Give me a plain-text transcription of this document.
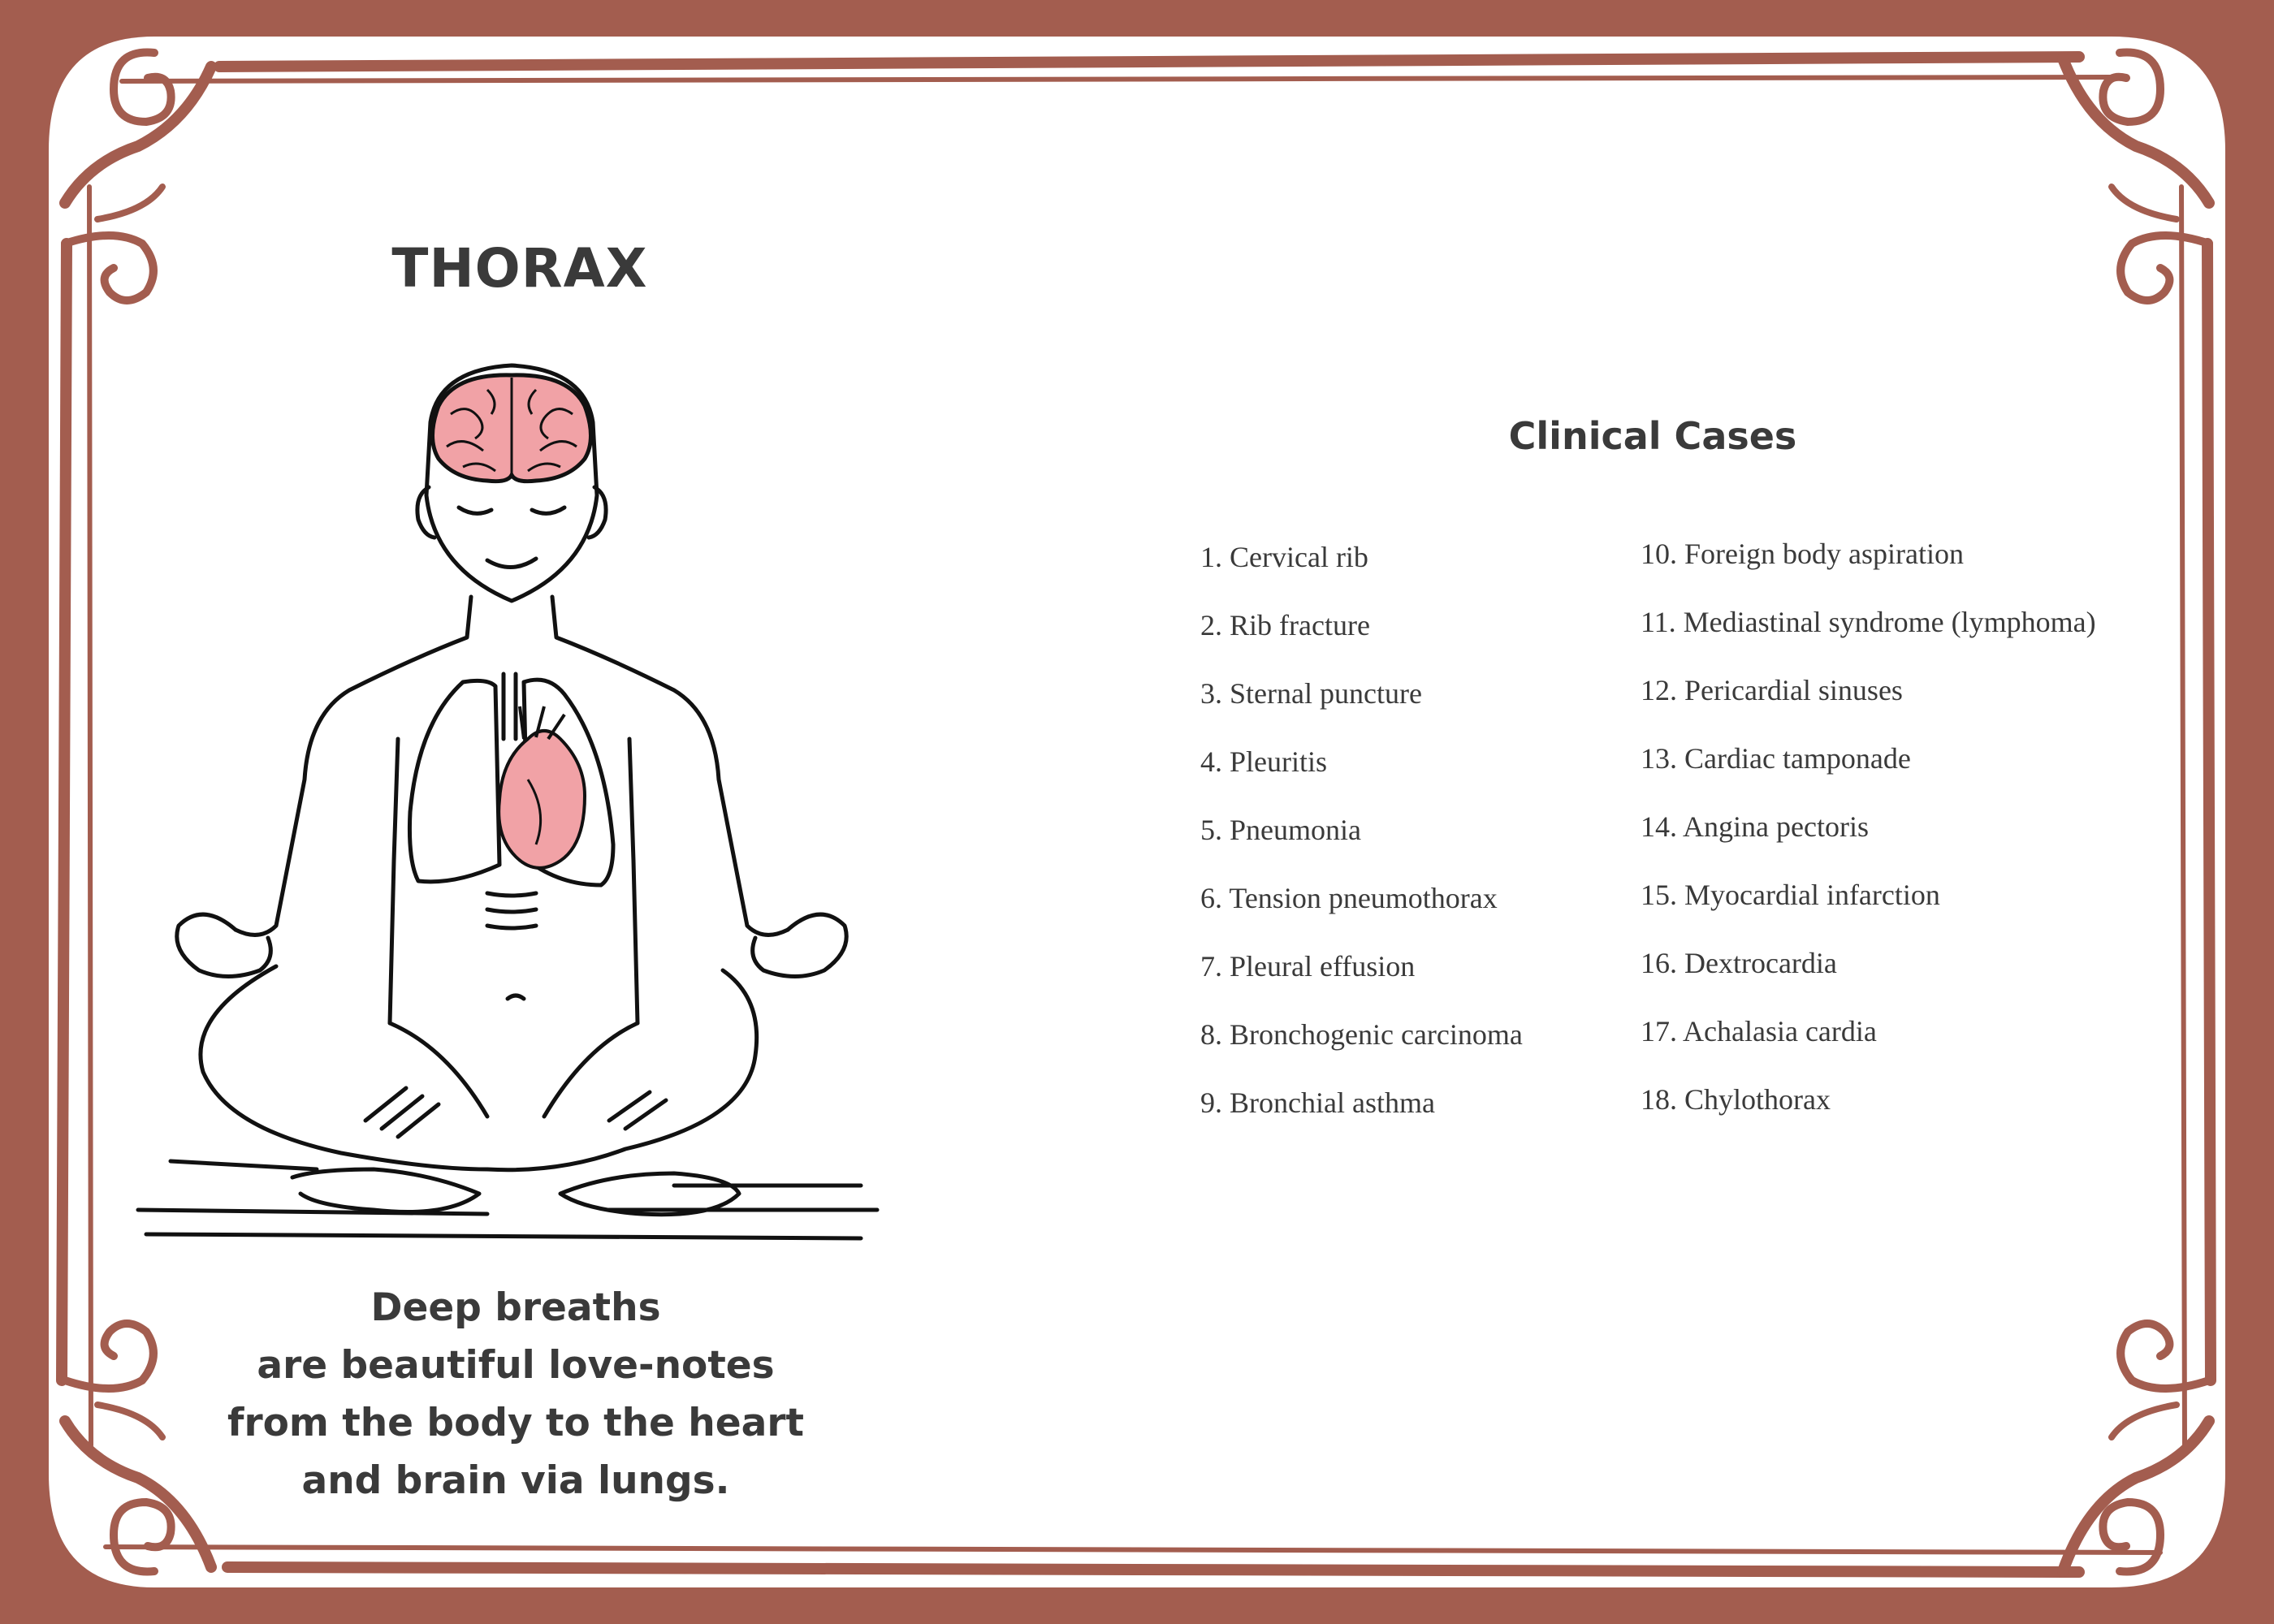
THORAX
Deep breaths
are beautiful love-notes
from the body to the heart
and brain via lungs.
Clinical Cases
1. Cervical rib
2. Rib fracture
3. Sternal puncture
4. Pleuritis
5. Pneumonia
6. Tension pneumothorax
7. Pleural effusion
8. Bronchogenic carcinoma
9. Bronchial asthma
10. Foreign body aspiration
11. Mediastinal syndrome (lymphoma)
12. Pericardial sinuses
13. Cardiac tamponade
14. Angina pectoris
15. Myocardial infarction
16. Dextrocardia
17. Achalasia cardia
18. Chylothorax
